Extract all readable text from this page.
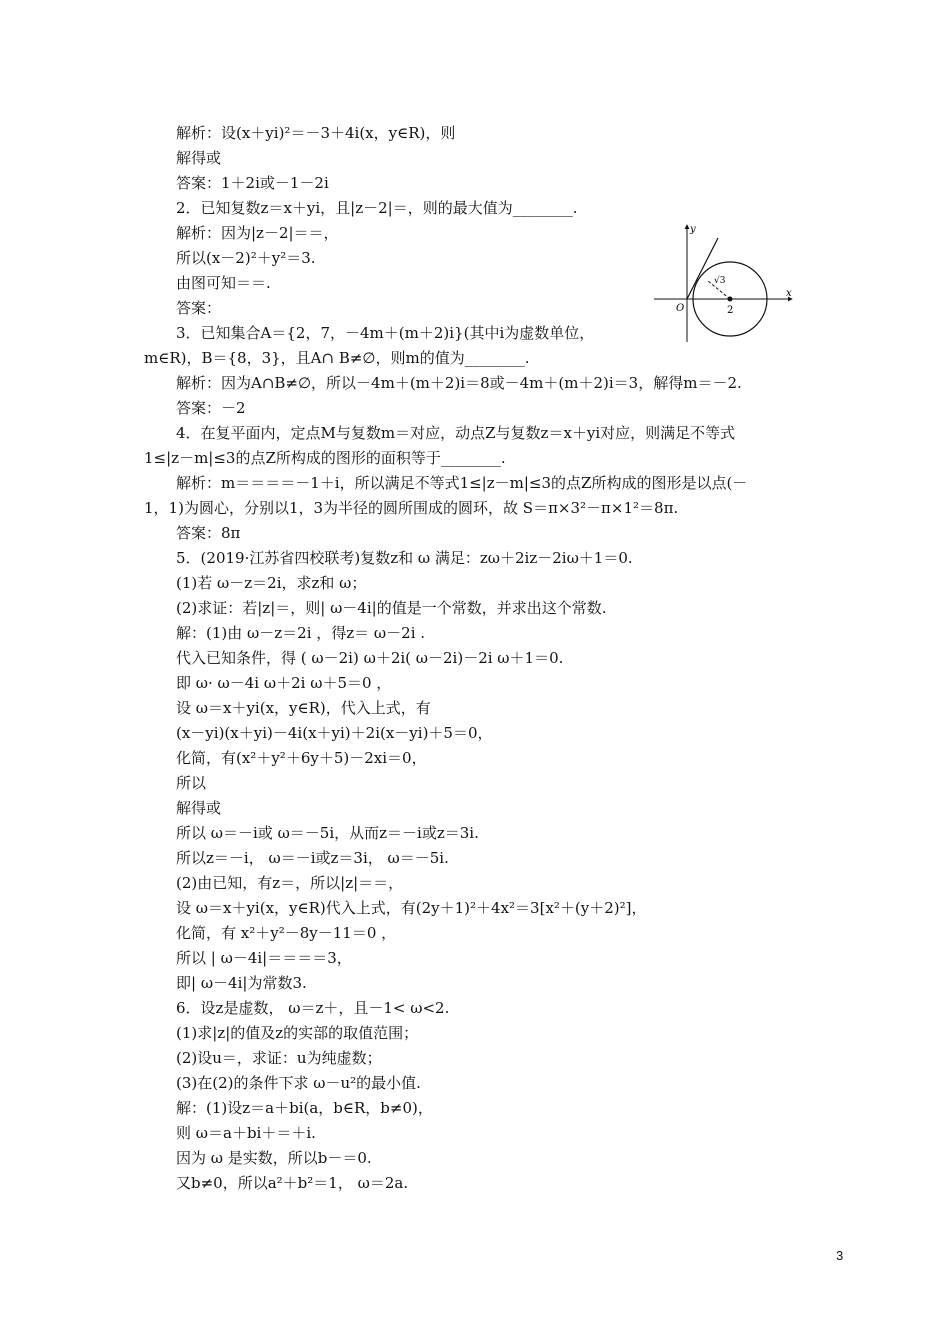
解析：设(x＋yi)²＝－3＋4i(x，y∈R)，则
解得或
答案：1＋2i或－1－2i
2．已知复数z＝x＋yi，且|z－2|＝，则的最大值为________.
解析：因为|z－2|＝＝，
所以(x－2)²＋y²＝3.
由图可知＝＝.
答案：
3．已知集合A＝{2，7，－4m＋(m＋2)i}(其中i为虚数单位，
m∈R)，B＝{8，3}，且A∩ B≠∅，则m的值为________.
解析：因为A∩B≠∅，所以－4m＋(m＋2)i＝8或－4m＋(m＋2)i＝3，解得m＝－2.
答案：－2
4．在复平面内，定点M与复数m＝对应，动点Z与复数z＝x＋yi对应，则满足不等式
1≤|z－m|≤3的点Z所构成的图形的面积等于________.
解析：m＝＝＝＝－1＋i，所以满足不等式1≤|z－m|≤3的点Z所构成的图形是以点(－
1，1)为圆心，分别以1，3为半径的圆所围成的圆环，故 S＝π×3²－π×1²＝8π.
答案：8π
5．(2019·江苏省四校联考)复数z和 ω 满足：zω＋2iz－2iω＋1＝0.
(1)若 ω－z＝2i，求z和 ω；
(2)求证：若|z|＝，则| ω－4i|的值是一个常数，并求出这个常数.
解：(1)由 ω－z＝2i ，得z＝ ω－2i .
代入已知条件，得 ( ω－2i) ω＋2i( ω－2i)－2i ω＋1＝0.
即 ω· ω－4i ω＋2i ω＋5＝0 ，
设 ω＝x＋yi(x，y∈R)，代入上式，有
(x－yi)(x＋yi)－4i(x＋yi)＋2i(x－yi)＋5＝0，
化简，有(x²＋y²＋6y＋5)－2xi＝0，
所以
解得或
所以 ω＝－i或 ω＝－5i，从而z＝－i或z＝3i.
所以z＝－i， ω＝－i或z＝3i， ω＝－5i.
(2)由已知，有z＝，所以|z|＝＝，
设 ω＝x＋yi(x，y∈R)代入上式，有(2y＋1)²＋4x²＝3[x²＋(y＋2)²]，
化简，有 x²＋y²－8y－11＝0 ，
所以 | ω－4i|＝＝＝＝3，
即| ω－4i|为常数3.
6．设z是虚数， ω＝z＋，且－1< ω<2.
(1)求|z|的值及z的实部的取值范围；
(2)设u＝，求证：u为纯虚数；
(3)在(2)的条件下求 ω－u²的最小值.
解：(1)设z＝a＋bi(a，b∈R，b≠0)，
则 ω＝a＋bi＋＝＋i.
因为 ω 是实数，所以b－＝0.
又b≠0，所以a²＋b²＝1， ω＝2a.
y
x
O
√3
2
3
